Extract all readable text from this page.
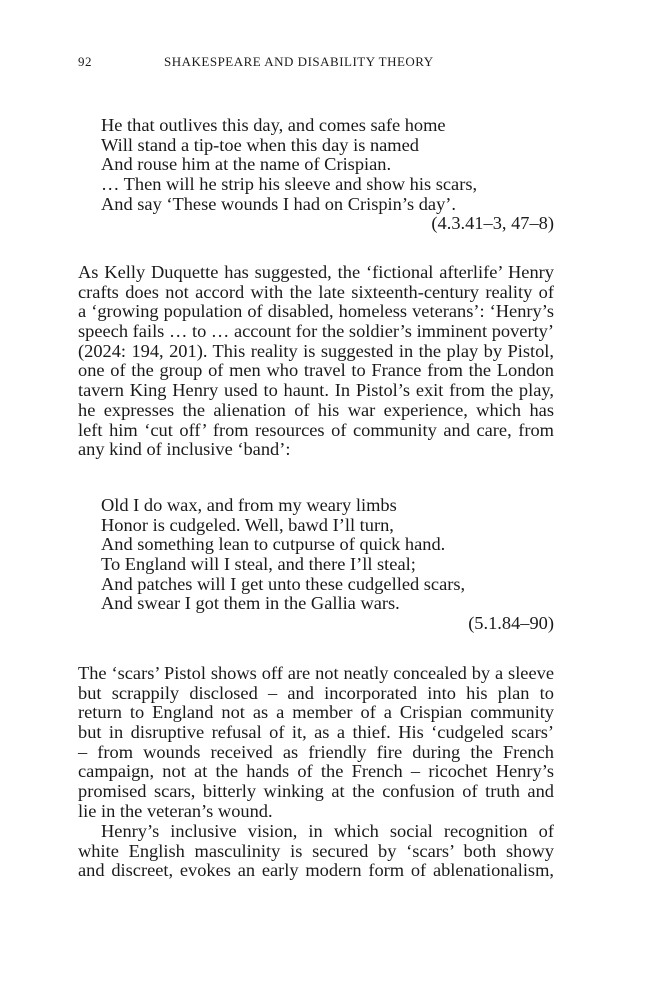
92	SHAKESPEARE AND DISABILITY THEORY
He that outlives this day, and comes safe home
Will stand a tip-toe when this day is named
And rouse him at the name of Crispian.
… Then will he strip his sleeve and show his scars,
And say ‘These wounds I had on Crispin’s day’.
(4.3.41–3, 47–8)
As Kelly Duquette has suggested, the ‘fictional afterlife’ Henry
crafts does not accord with the late sixteenth-century reality of
a ‘growing population of disabled, homeless veterans’: ‘Henry’s
speech fails … to … account for the soldier’s imminent poverty’
(2024: 194, 201). This reality is suggested in the play by Pistol,
one of the group of men who travel to France from the London
tavern King Henry used to haunt. In Pistol’s exit from the play,
he expresses the alienation of his war experience, which has
left him ‘cut off’ from resources of community and care, from
any kind of inclusive ‘band’:
Old I do wax, and from my weary limbs
Honor is cudgeled. Well, bawd I’ll turn,
And something lean to cutpurse of quick hand.
To England will I steal, and there I’ll steal;
And patches will I get unto these cudgelled scars,
And swear I got them in the Gallia wars.
(5.1.84–90)
The ‘scars’ Pistol shows off are not neatly concealed by a sleeve
but scrappily disclosed – and incorporated into his plan to
return to England not as a member of a Crispian community
but in disruptive refusal of it, as a thief. His ‘cudgeled scars’
– from wounds received as friendly fire during the French
campaign, not at the hands of the French – ricochet Henry’s
promised scars, bitterly winking at the confusion of truth and
lie in the veteran’s wound.
Henry’s inclusive vision, in which social recognition of
white English masculinity is secured by ‘scars’ both showy
and discreet, evokes an early modern form of ablenationalism,
